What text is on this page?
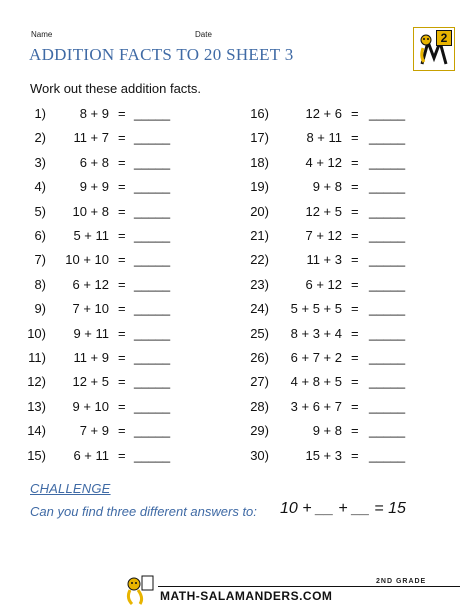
Name	Date
ADDITION FACTS TO 20 SHEET 3
2
Work out these addition facts.
1)	8 + 9 = _____
2) 11 + 7 = _____
3)	6 + 8 = _____
4)	9 + 9 = _____
5) 10 + 8 = _____
6) 5 + 11 = _____
7) 10 + 10 = _____
8) 6 + 12 = _____
9) 7 + 10 = _____
10) 9 + 11 = _____
11) 11 + 9 = _____
12) 12 + 5 = _____
13) 9 + 10 = _____
14)	7 + 9 = _____
15) 6 + 11 = _____
16)	12 + 6 = _____
17)	8 + 11 = _____
18)	4 + 12 = _____
19)	9 + 8 = _____
20)	12 + 5 = _____
21)	7 + 12 = _____
22)	11 + 3 = _____
23)	6 + 12 = _____
24) 5 + 5 + 5 = _____
25) 8 + 3 + 4 = _____
26) 6 + 7 + 2 = _____
27) 4 + 8 + 5 = _____
28) 3 + 6 + 7 = _____
29)	9 + 8 = _____
30)	15 + 3 = _____
CHALLENGE
Can you find three different answers to: 10 + __ + __ = 15
2ND GRADE
MATH-SALAMANDERS.COM
